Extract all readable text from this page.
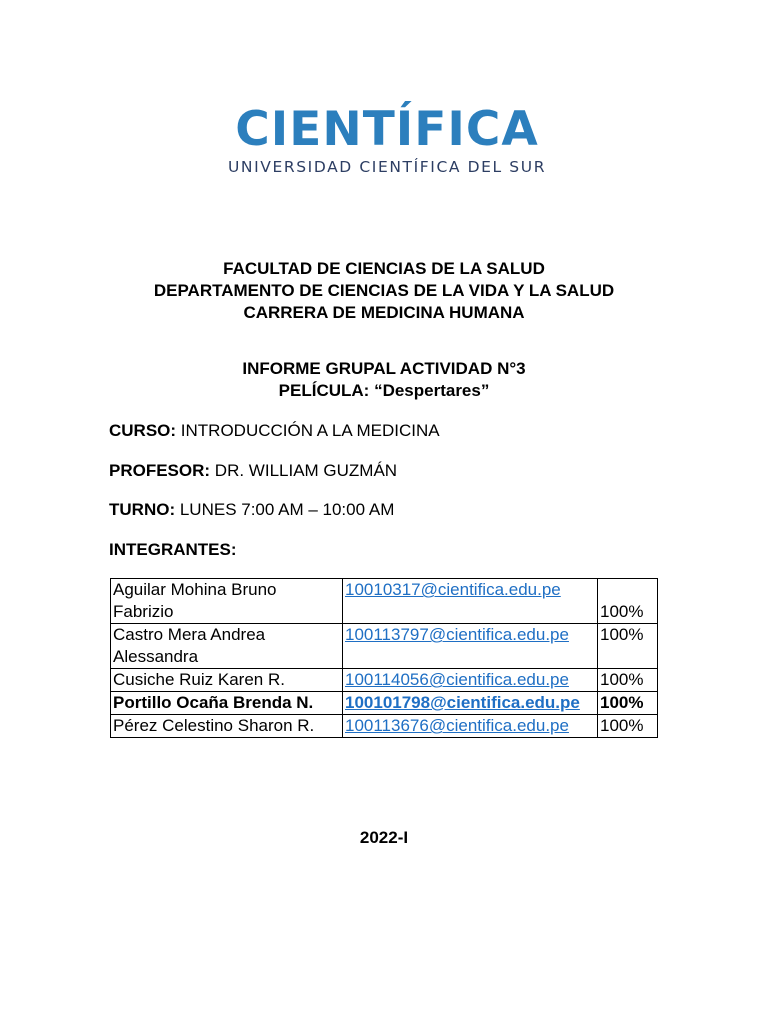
CIENTÍFICA
UNIVERSIDAD CIENTÍFICA DEL SUR
FACULTAD DE CIENCIAS DE LA SALUD
DEPARTAMENTO DE CIENCIAS DE LA VIDA Y LA SALUD
CARRERA DE MEDICINA HUMANA
INFORME GRUPAL ACTIVIDAD N°3
PELÍCULA: “Despertares”
CURSO: INTRODUCCIÓN A LA MEDICINA
PROFESOR: DR. WILLIAM GUZMÁN
TURNO: LUNES 7:00 AM – 10:00 AM
INTEGRANTES:
Aguilar Mohina Bruno Fabrizio	10010317@cientifica.edu.pe	100%
Castro Mera Andrea Alessandra	100113797@cientifica.edu.pe	100%
Cusiche Ruiz Karen R.	100114056@cientifica.edu.pe	100%
Portillo Ocaña Brenda N.	100101798@cientifica.edu.pe	100%
Pérez Celestino Sharon R.	100113676@cientifica.edu.pe	100%
2022-I
